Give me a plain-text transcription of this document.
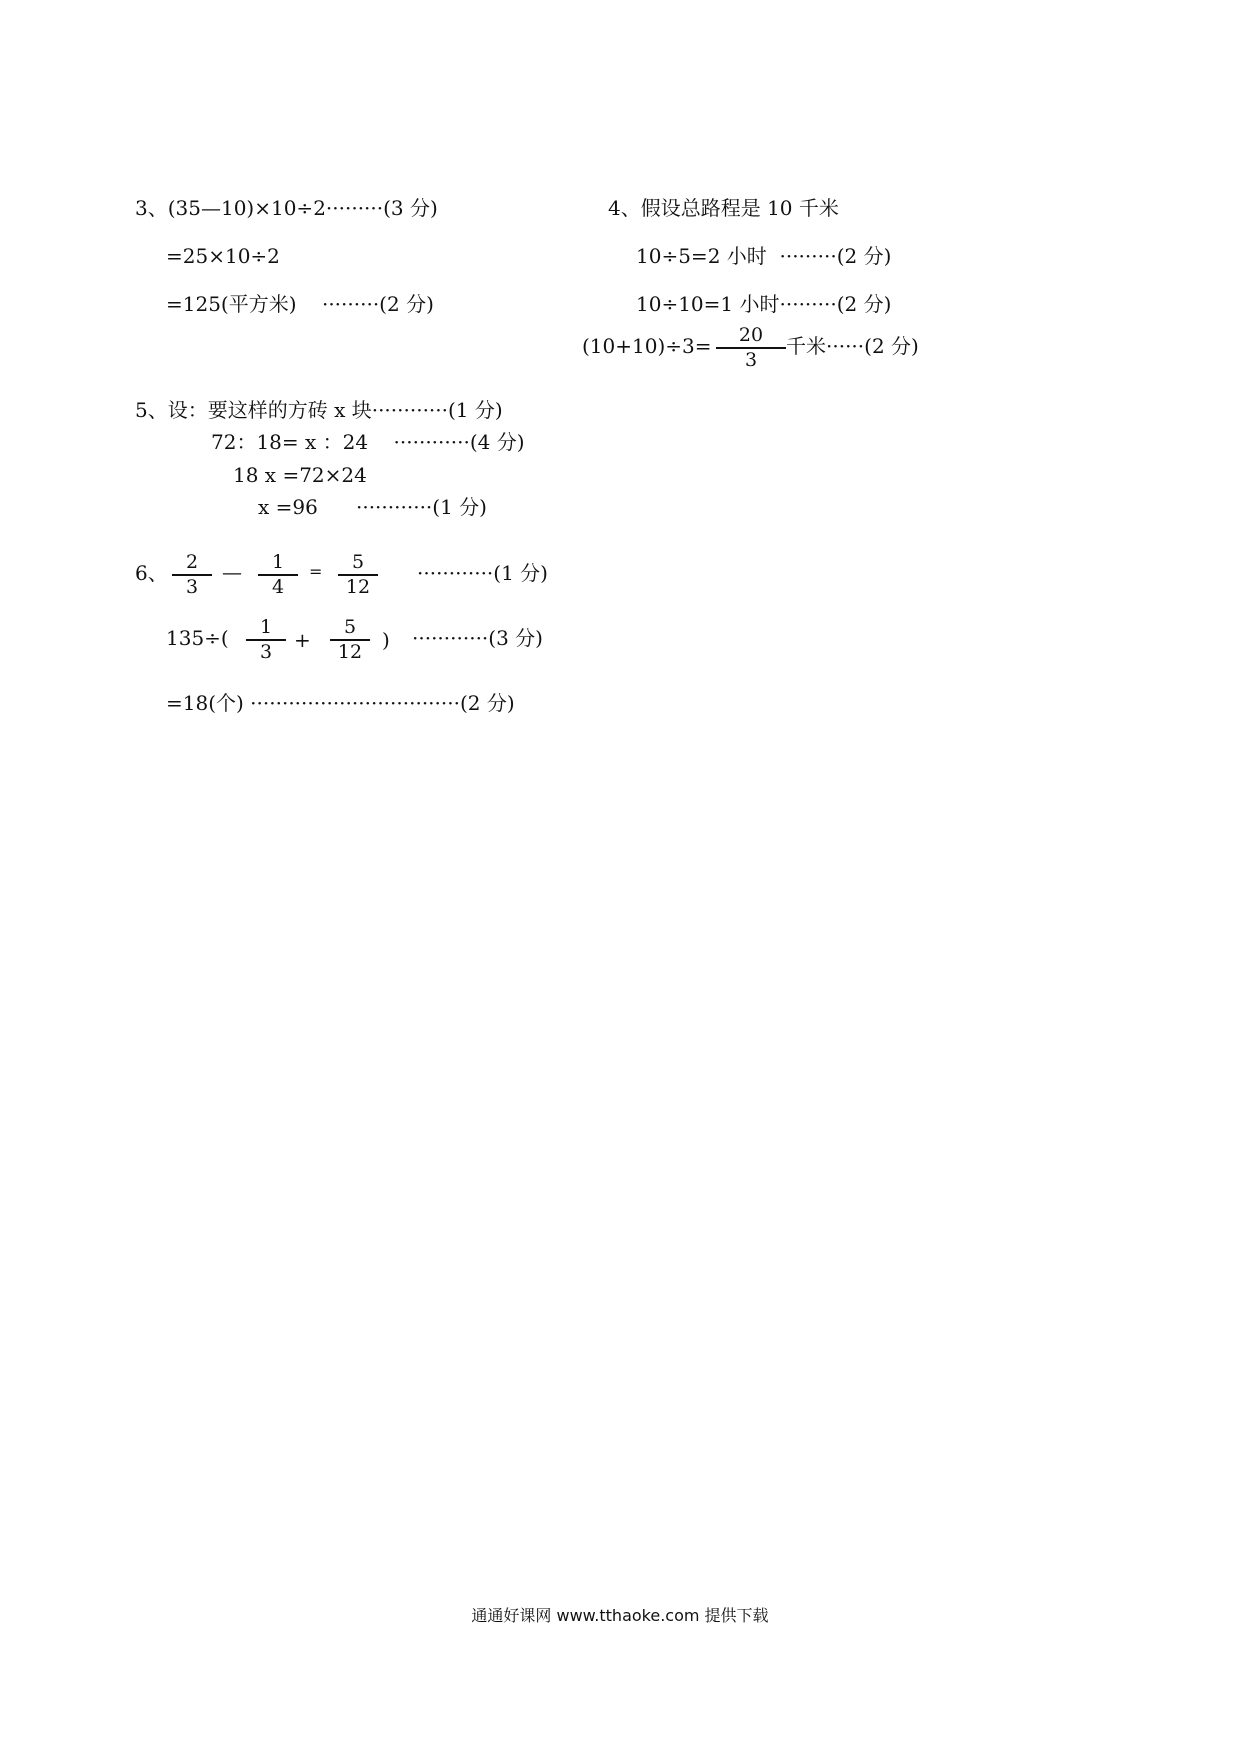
3、(35—10)×10÷2·········(3 分)
=25×10÷2
=125(平方米)    ·········(2 分)
4、假设总路程是 10 千米
10÷5=2 小时  ·········(2 分)
10÷10=1 小时·········(2 分)
(10+10)÷3=	20
3
千米······(2 分)
5、设：要这样的方砖 x 块············(1 分)
72：18= x ：24    ············(4 分)
18 x =72×24
x =96      ············(1 分)
6、 2
3
—	1
4
=	5
12
············(1 分)
135÷(	1
3	+
5
12 ) ············(3 分)
=18(个) ·································(2 分)
通通好课网 www.tthaoke.com 提供下载
